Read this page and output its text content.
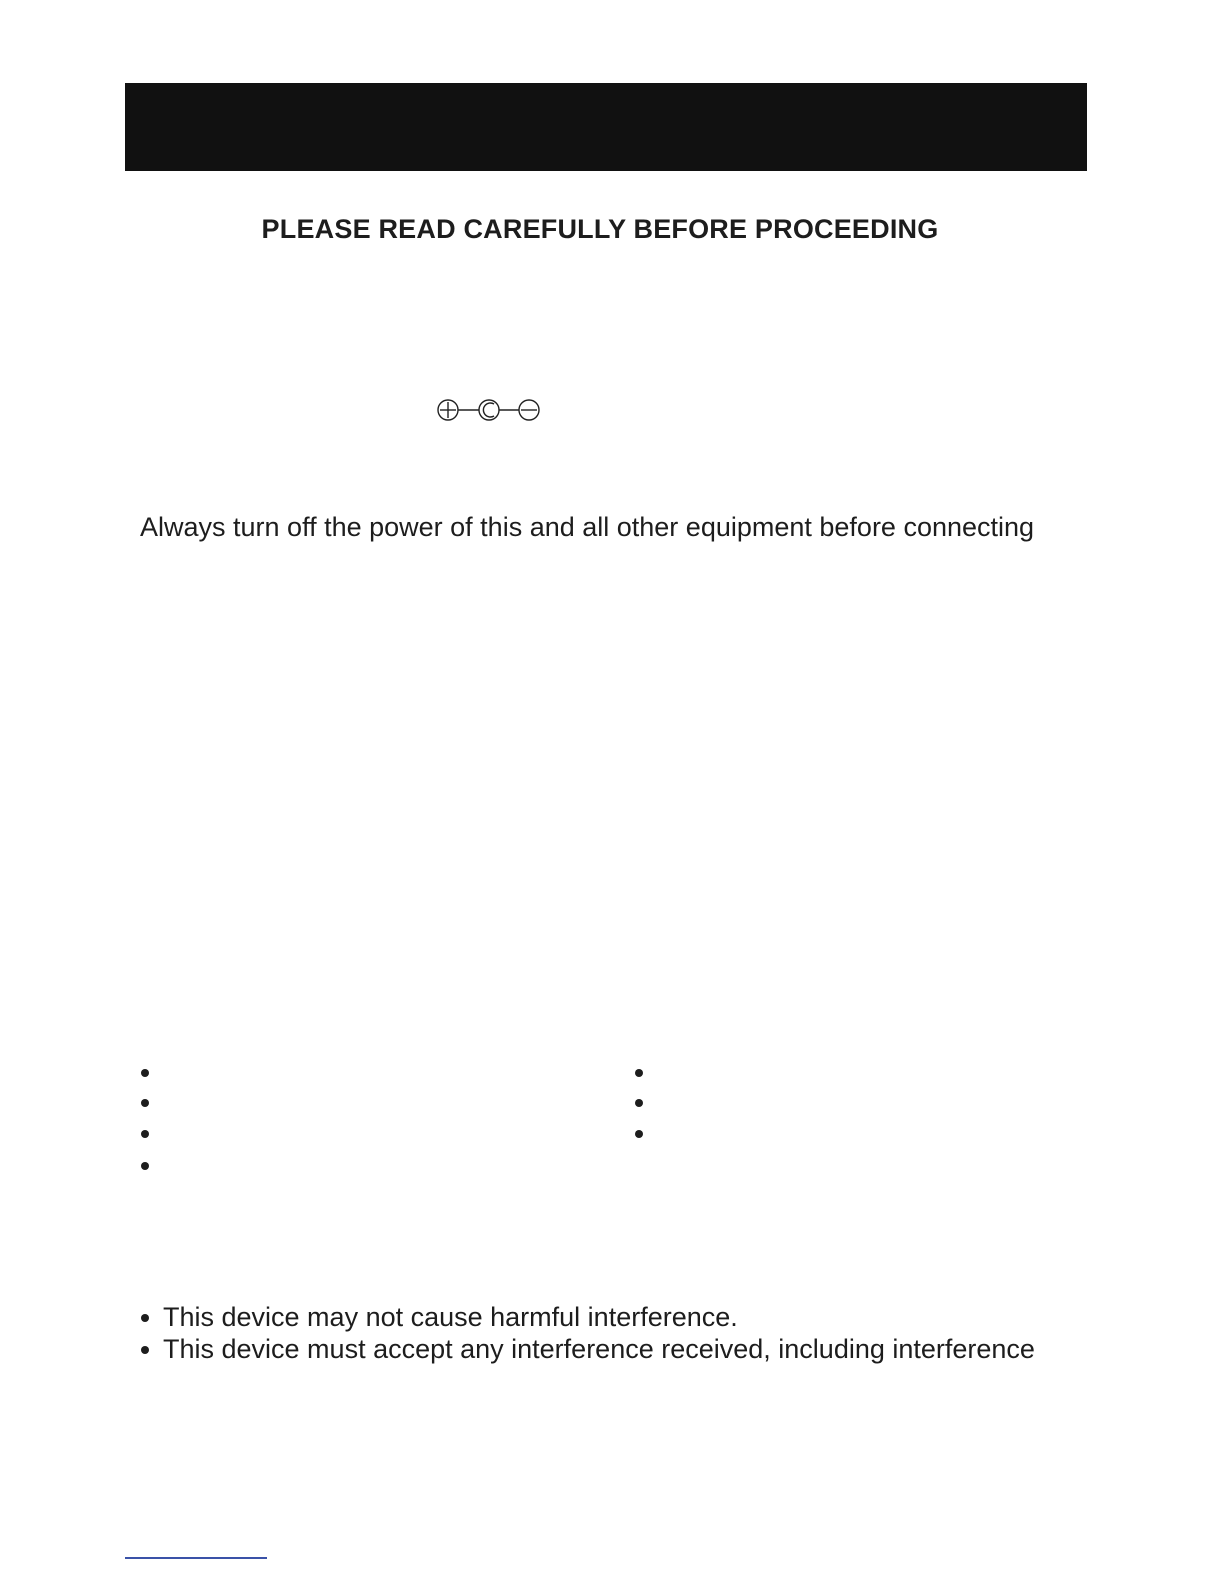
PLEASE READ CAREFULLY BEFORE PROCEEDING

Always turn off the power of this and all other equipment before connecting

This device may not cause harmful interference.
This device must accept any interference received, including interference
